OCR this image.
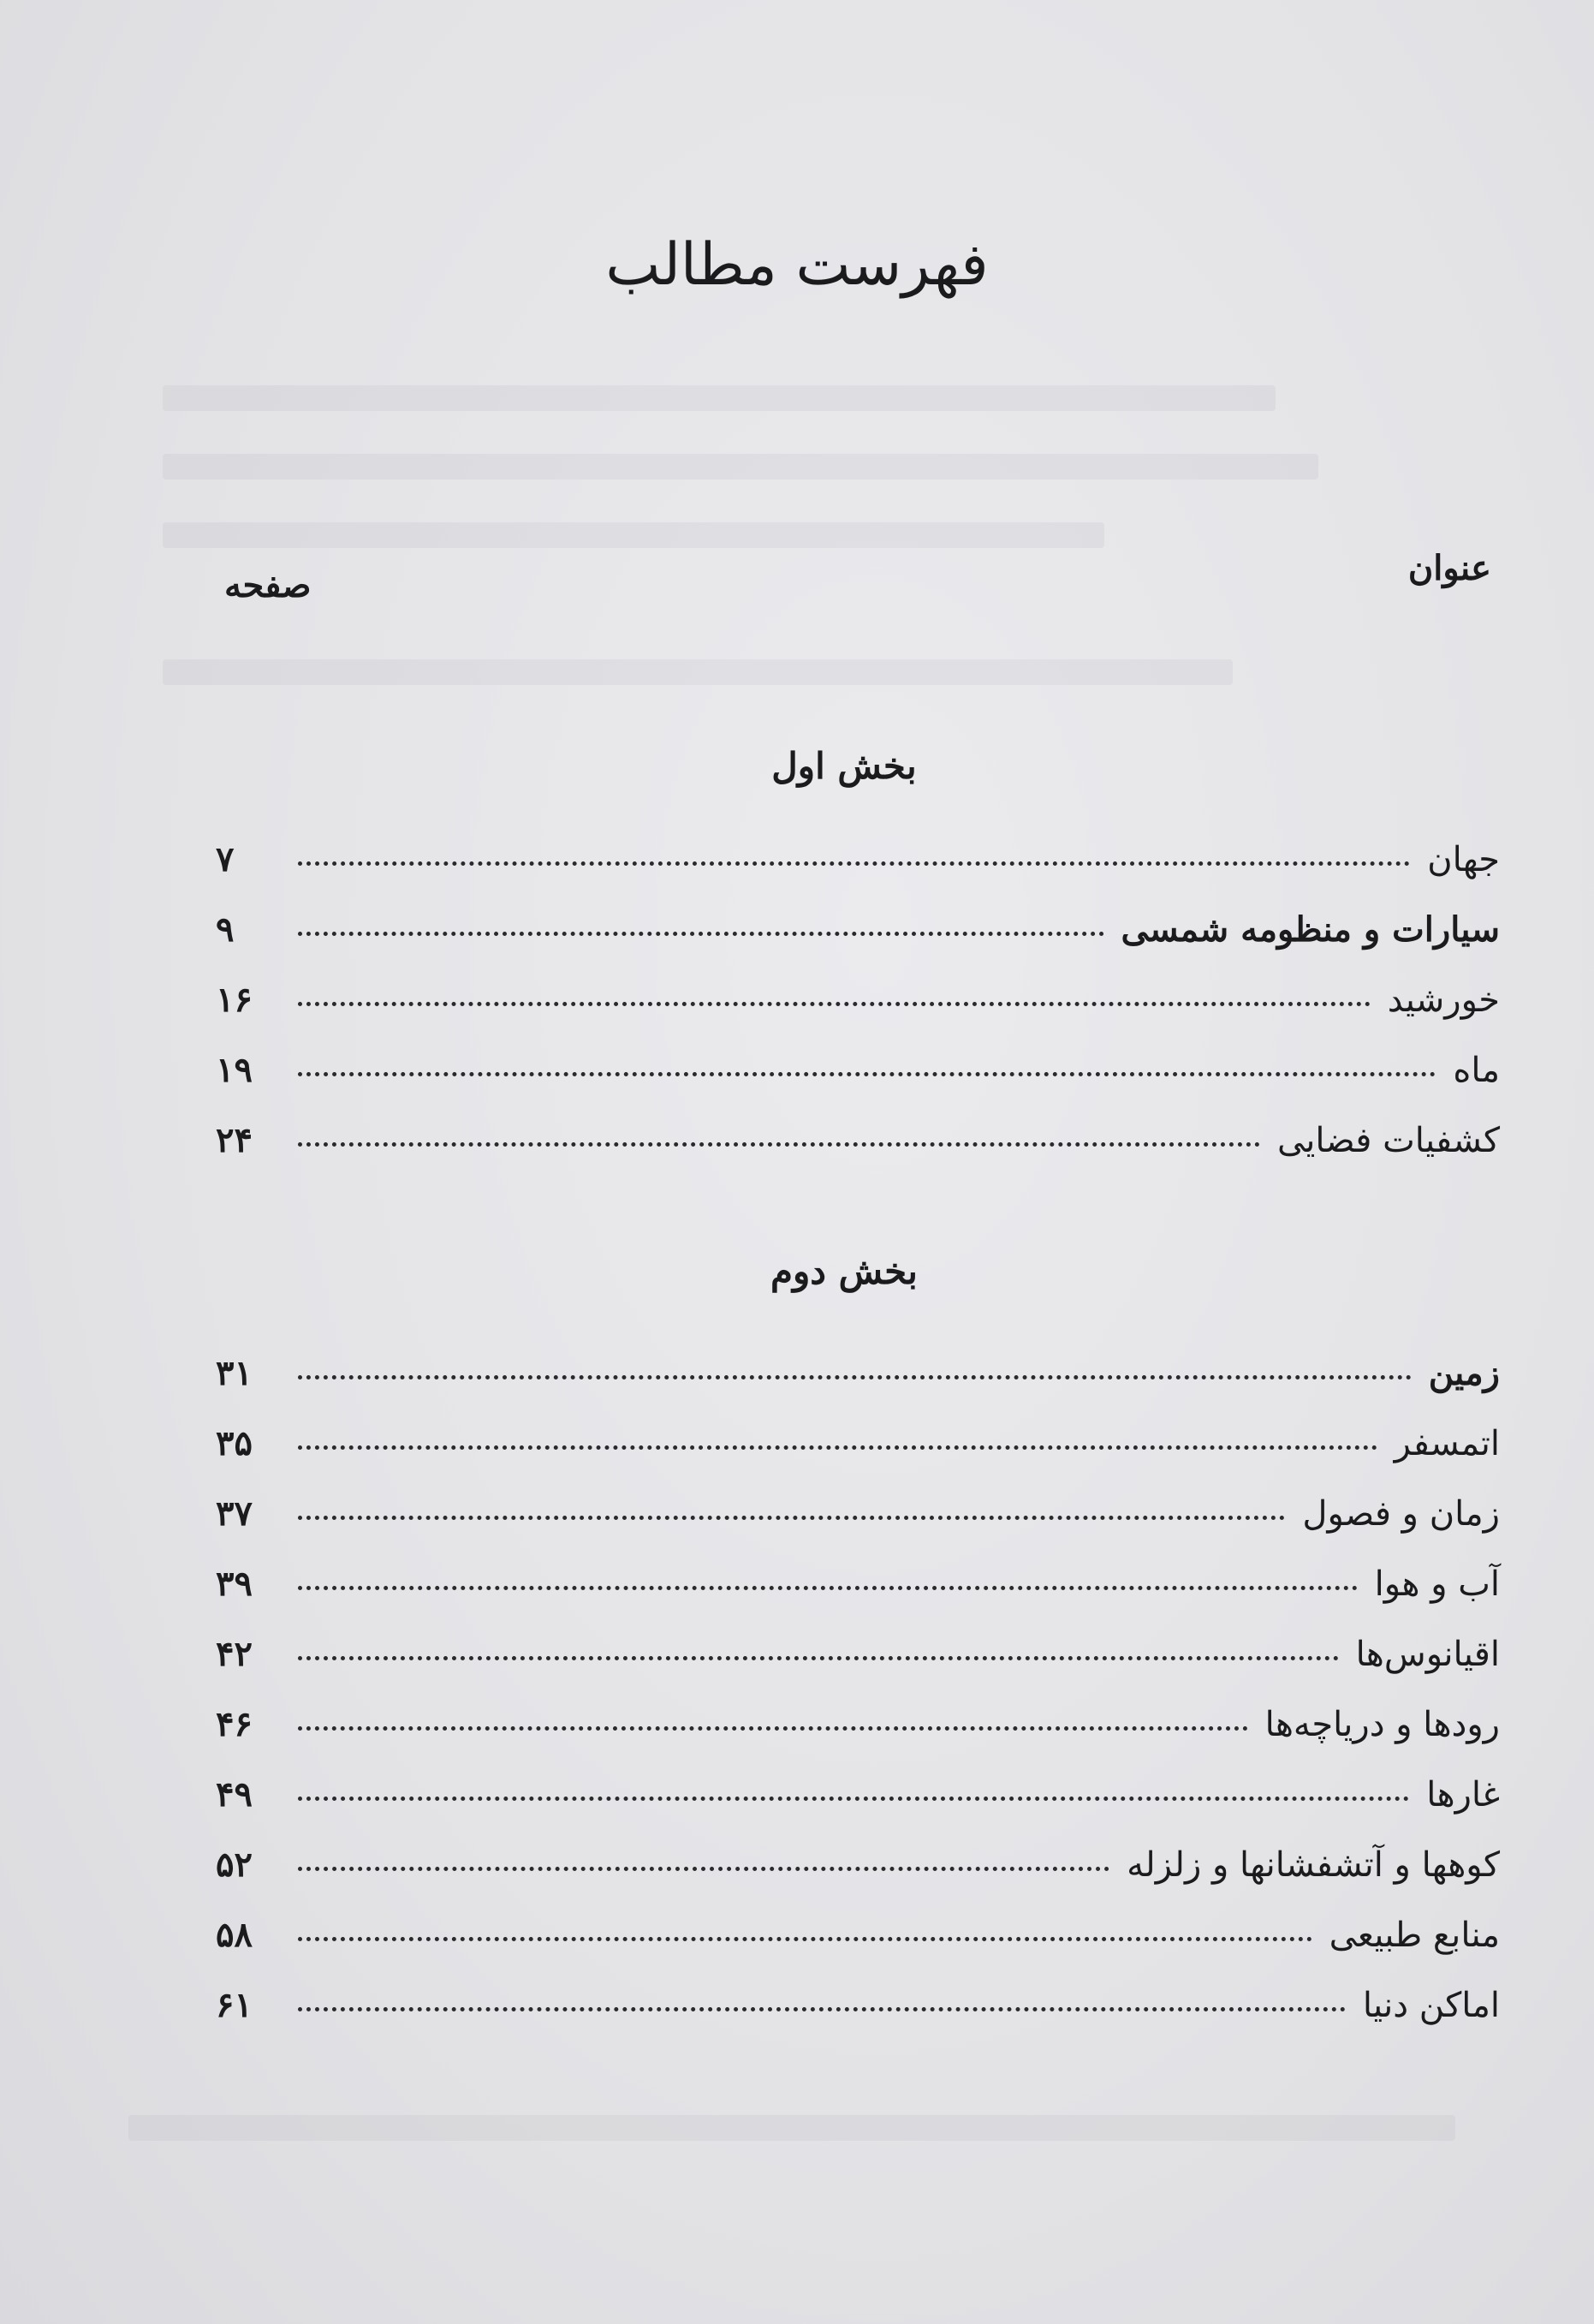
فهرست مطالب
عنوان
صفحه
بخش اول
جهان
۷
سیارات و منظومه شمسی
۹
خورشید
۱۶
ماه
۱۹
کشفیات فضایی
۲۴
بخش دوم
زمین
۳۱
اتمسفر
۳۵
زمان و فصول
۳۷
آب و هوا
۳۹
اقیانوس‌ها
۴۲
رودها و دریاچه‌ها
۴۶
غارها
۴۹
کوهها و آتشفشانها و زلزله
۵۲
منابع طبیعی
۵۸
اماکن دنیا
۶۱
